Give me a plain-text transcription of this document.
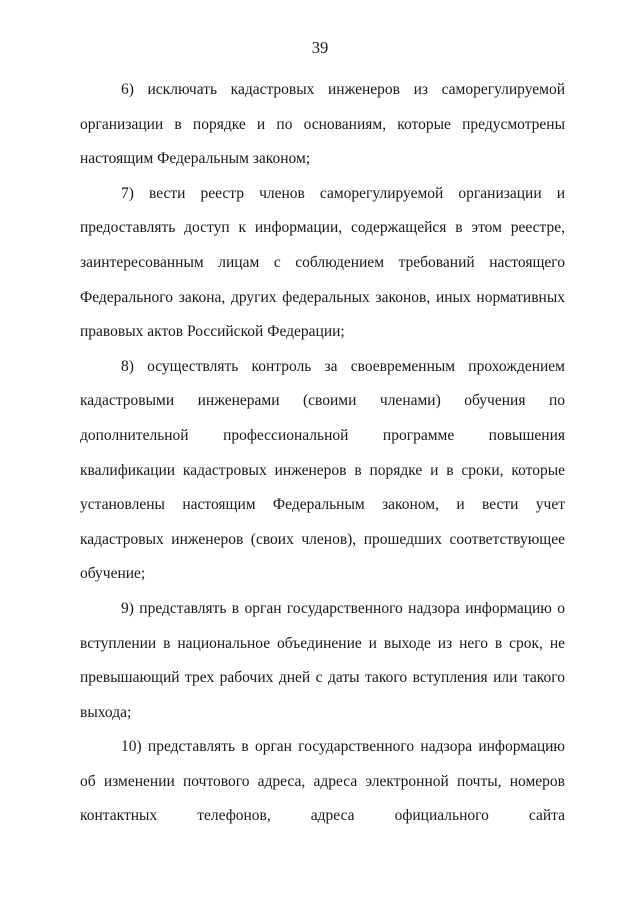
39

6) исключать кадастровых инженеров из саморегулируемой организации в порядке и по основаниям, которые предусмотрены настоящим Федеральным законом;

7) вести реестр членов саморегулируемой организации и предоставлять доступ к информации, содержащейся в этом реестре, заинтересованным лицам с соблюдением требований настоящего Федерального закона, других федеральных законов, иных нормативных правовых актов Российской Федерации;

8) осуществлять контроль за своевременным прохождением кадастровыми инженерами (своими членами) обучения по дополнительной профессиональной программе повышения квалификации кадастровых инженеров в порядке и в сроки, которые установлены настоящим Федеральным законом, и вести учет кадастровых инженеров (своих членов), прошедших соответствующее обучение;

9) представлять в орган государственного надзора информацию о вступлении в национальное объединение и выходе из него в срок, не превышающий трех рабочих дней с даты такого вступления или такого выхода;

10) представлять в орган государственного надзора информацию об изменении почтового адреса, адреса электронной почты, номеров контактных телефонов, адреса официального сайта
